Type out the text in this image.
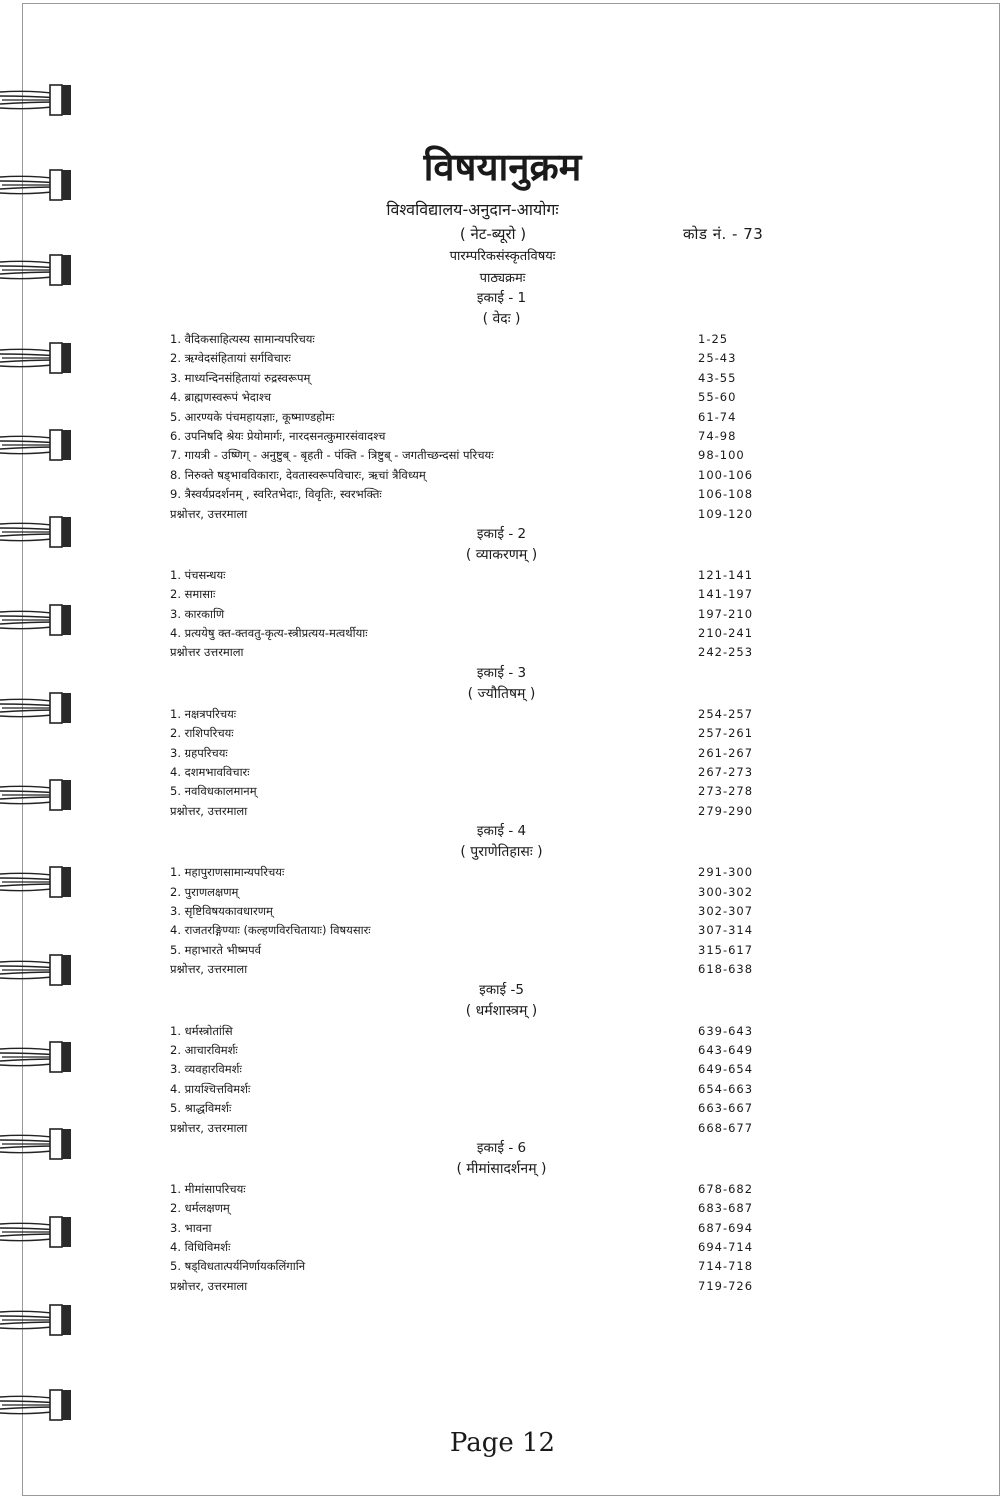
विषयानुक्रम
विश्वविद्यालय-अनुदान-आयोगः
( नेट-ब्यूरो )	कोड नं. - 73
पारम्परिकसंस्कृतविषयः
पाठ्यक्रमः
इकाई - 1
( वेदः )
1. वैदिकसाहित्यस्य सामान्यपरिचयः	1-25
2. ऋग्वेदसंहितायां सर्गविचारः	25-43
3. माध्यन्दिनसंहितायां रुद्रस्वरूपम्	43-55
4. ब्राह्मणस्वरूपं भेदाश्च	55-60
5. आरण्यके पंचमहायज्ञाः, कूष्माण्डहोमः	61-74
6. उपनिषदि श्रेयः प्रेयोमार्गः, नारदसनत्कुमारसंवादश्च	74-98
7. गायत्री - उष्णिग् - अनुष्टुब् - बृहती - पंक्ति - त्रिष्टुब् - जगतीच्छन्दसां परिचयः	98-100
8. निरुक्ते षड्भावविकाराः, देवतास्वरूपविचारः, ऋचां त्रैविध्यम्	100-106
9. त्रैस्वर्यप्रदर्शनम् , स्वरितभेदाः, विवृतिः, स्वरभक्तिः	106-108
प्रश्नोत्तर, उत्तरमाला	109-120
इकाई - 2
( व्याकरणम् )
1. पंचसन्धयः	121-141
2. समासाः	141-197
3. कारकाणि	197-210
4. प्रत्ययेषु क्त-क्तवतु-कृत्य-स्त्रीप्रत्यय-मत्वर्थीयाः	210-241
प्रश्नोत्तर उत्तरमाला	242-253
इकाई - 3
( ज्यौतिषम् )
1. नक्षत्रपरिचयः	254-257
2. राशिपरिचयः	257-261
3. ग्रहपरिचयः	261-267
4. दशमभावविचारः	267-273
5. नवविधकालमानम्	273-278
प्रश्नोत्तर, उत्तरमाला	279-290
इकाई - 4
( पुराणेतिहासः )
1. महापुराणसामान्यपरिचयः	291-300
2. पुराणलक्षणम्	300-302
3. सृष्टिविषयकावधारणम्	302-307
4. राजतरङ्गिण्याः (कल्हणविरचितायाः) विषयसारः	307-314
5. महाभारते भीष्मपर्व	315-617
प्रश्नोत्तर, उत्तरमाला	618-638
इकाई -5
( धर्मशास्त्रम् )
1. धर्मस्त्रोतांसि	639-643
2. आचारविमर्शः	643-649
3. व्यवहारविमर्शः	649-654
4. प्रायश्चित्तविमर्शः	654-663
5. श्राद्धविमर्शः	663-667
प्रश्नोत्तर, उत्तरमाला	668-677
इकाई - 6
( मीमांसादर्शनम् )
1. मीमांसापरिचयः	678-682
2. धर्मलक्षणम्	683-687
3. भावना	687-694
4. विधिविमर्शः	694-714
5. षड्विधतात्पर्यनिर्णायकलिंगानि	714-718
प्रश्नोत्तर, उत्तरमाला	719-726
Page 12
